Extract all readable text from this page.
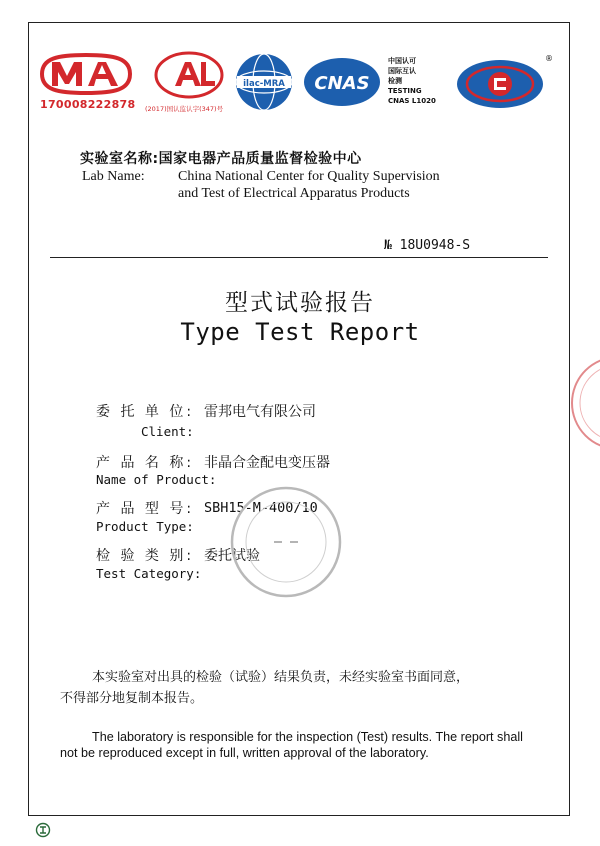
170008222878 (2017)国认监认字(347)号
ilac-MRA CNAS
中国认可
国际互认
检测
TESTING
CNAS L1020
®
实验室名称:国家电器产品质量监督检验中心
Lab Name: China National Center for Quality Supervision
and Test of Electrical Apparatus Products
№ 18U0948-S
型式试验报告
Type Test Report
委 托 单 位: 雷邦电气有限公司
Client:
产 品 名 称: 非晶合金配电变压器
Name of Product:
产 品 型 号: SBH15-M-400/10
Product Type:
检 验 类 别: 委托试验
Test Category:
本实验室对出具的检验（试验）结果负责，未经实验室书面同意，
不得部分地复制本报告。
The laboratory is responsible for the inspection (Test) results. The report shall
not be reproduced except in full, written approval of the laboratory.
